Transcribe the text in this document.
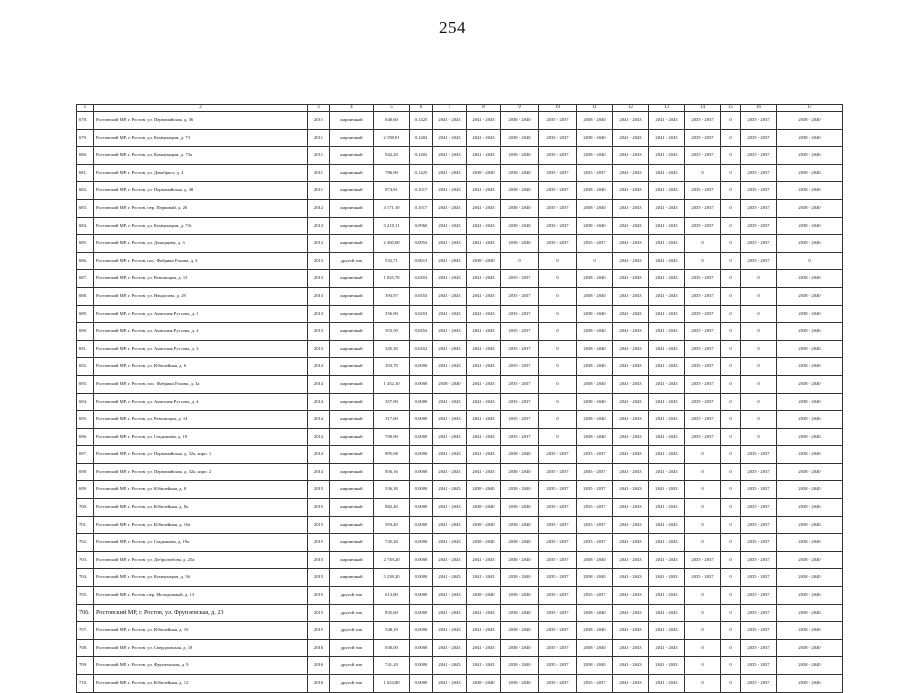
254
1	2	3	4	5	6	7	8	9	10	11	12	13	14	15	16	17
678.	Ростовский МР, г. Ростов, ул. Первомайская, д. 36	2011	кирпичный	640,60	0,1425	2041 - 2043	2041 - 2043	2038 - 2040	2035 - 2037	2038 - 2040	2041 - 2043	2041 - 2043	2035 - 2037	0	2035 - 2037	2038 - 2040
679.	Ростовский МР, г. Ростов, ул. Коммунаров, д. 73	2011	кирпичный	2 198,01	0,1402	2041 - 2043	2041 - 2043	2038 - 2040	2035 - 2037	2038 - 2040	2041 - 2043	2041 - 2043	2035 - 2037	0	2035 - 2037	2038 - 2040
680.	Ростовский МР, г. Ростов, ул. Коммунаров, д. 73а	2011	кирпичный	942,20	0,1402	2041 - 2043	2041 - 2043	2038 - 2040	2035 - 2037	2038 - 2040	2041 - 2043	2041 - 2043	2035 - 2037	0	2035 - 2037	2038 - 2040
681.	Ростовский МР, г. Ростов, ул. Декабрист, д. 4	2011	кирпичный	786,90	0,1425	2041 - 2043	2038 - 2040	2038 - 2040	2035 - 2037	2035 - 2037	2041 - 2043	2041 - 2043	0	0	2035 - 2037	2038 - 2040
682.	Ростовский МР, г. Ростов, ул. Первомайская, д. 48	2011	кирпичный	874,61	0,1017	2041 - 2043	2041 - 2043	2038 - 2040	2035 - 2037	2038 - 2040	2041 - 2043	2041 - 2043	2035 - 2037	0	2035 - 2037	2038 - 2040
683.	Ростовский МР, г. Ростов, пер. Первомай, д. 26	2012	кирпичный	4 171,10	0,1017	2041 - 2043	2041 - 2043	2038 - 2040	2035 - 2037	2038 - 2040	2041 - 2043	2041 - 2043	2035 - 2037	0	2035 - 2037	2038 - 2040
684.	Ростовский МР, г. Ростов, ул. Коммунаров, д. 73г	2012	кирпичный	5 210,11	0,0960	2041 - 2043	2041 - 2043	2038 - 2040	2035 - 2037	2038 - 2040	2041 - 2043	2041 - 2043	2035 - 2037	0	2035 - 2037	2038 - 2040
685.	Ростовский МР, г. Ростов, ул. Доморцева, д. 3	2012	кирпичный	2 360,00	0,0952	2041 - 2043	2041 - 2043	2038 - 2040	2035 - 2037	2035 - 2037	2041 - 2043	2041 - 2043	0	0	2035 - 2037	2038 - 2040
686.	Ростовский МР, г. Ростов, пос. Фабрики Рахова, д. 3	2013	другой тип	532,71	0,0613	2041 - 2043	2038 - 2040	0	0	0	2041 - 2043	2041 - 2043	0	0	2035 - 2037	0
687.	Ростовский МР, г. Ростов, ул. Революции, д. 13	2013	кирпичный	1 025,70	0,0453	2041 - 2043	2041 - 2043	2035 - 2037	0	2038 - 2040	2041 - 2043	2041 - 2043	2035 - 2037	0	0	2038 - 2040
688.	Ростовский МР, г. Ростов, ул. Некрасова, д. 29	2013	кирпичный	393,97	0,0453	2041 - 2043	2041 - 2043	2035 - 2037	0	2038 - 2040	2041 - 2043	2041 - 2043	2035 - 2037	0	0	2038 - 2040
689.	Ростовский МР, г. Ростов, ул. Анатолия Руссова, д. 1	2013	кирпичный	356,90	0,0453	2041 - 2043	2041 - 2043	2035 - 2037	0	2038 - 2040	2041 - 2043	2041 - 2043	2035 - 2037	0	0	2038 - 2040
690.	Ростовский МР, г. Ростов, ул. Анатолия Руссова, д. 2	2013	кирпичный	353,50	0,0452	2041 - 2043	2041 - 2043	2035 - 2037	0	2038 - 2040	2041 - 2043	2041 - 2043	2035 - 2037	0	0	2038 - 2040
691.	Ростовский МР, г. Ростов, ул. Анатолия Руссова, д. 3	2013	кирпичный	345,30	0,0452	2041 - 2043	2041 - 2043	2035 - 2037	0	2038 - 2040	2041 - 2043	2041 - 2043	2035 - 2037	0	0	2038 - 2040
692.	Ростовский МР, г. Ростов, ул. Юбилейная, д. 6	2014	кирпичный	393,70	0,0000	2041 - 2043	2041 - 2043	2035 - 2037	0	2038 - 2040	2041 - 2043	2041 - 2043	2035 - 2037	0	0	2038 - 2040
693.	Ростовский МР, г. Ростов, пос. Фабрики Рахова, д. 3а	2014	кирпичный	1 432,10	0,0000	2038 - 2040	2041 - 2043	2035 - 2037	0	2038 - 2040	2041 - 2043	2041 - 2043	2035 - 2037	0	0	2038 - 2040
694.	Ростовский МР, г. Ростов, ул. Анатолия Руссова, д. 4	2014	кирпичный	357,90	0,0000	2041 - 2043	2041 - 2043	2035 - 2037	0	2038 - 2040	2041 - 2043	2041 - 2043	2035 - 2037	0	0	2038 - 2040
695.	Ростовский МР, г. Ростов, ул. Революции, д. 14	2014	кирпичный	317,60	0,0000	2041 - 2043	2041 - 2043	2035 - 2037	0	2038 - 2040	2041 - 2043	2041 - 2043	2035 - 2037	0	0	2038 - 2040
696.	Ростовский МР, г. Ростов, ул. Гладышева, д. 19	2014	кирпичный	700,90	0,0000	2041 - 2043	2041 - 2043	2035 - 2037	0	2038 - 2040	2041 - 2043	2041 - 2043	2035 - 2037	0	0	2038 - 2040
697.	Ростовский МР, г. Ростов, ул. Первомайская, д. 32а, корп. 1	2014	кирпичный	895,68	0,0000	2041 - 2043	2041 - 2043	2038 - 2040	2035 - 2037	2035 - 2037	2041 - 2043	2041 - 2043	0	0	2035 - 2037	2038 - 2040
698.	Ростовский МР, г. Ростов, ул. Первомайская, д. 32а, корп. 2	2014	кирпичный	856,16	0,0000	2041 - 2043	2041 - 2043	2038 - 2040	2035 - 2037	2035 - 2037	2041 - 2043	2041 - 2043	0	0	2035 - 2037	2038 - 2040
699.	Ростовский МР, г. Ростов, ул. Юбилейная, д. 8	2015	кирпичный	336,30	0,0000	2041 - 2043	2038 - 2040	2038 - 2040	2035 - 2037	2035 - 2037	2041 - 2043	2041 - 2043	0	0	2035 - 2037	2038 - 2040
700.	Ростовский МР, г. Ростов, ул. Юбилейная, д. 8а	2015	кирпичный	882,40	0,0000	2041 - 2043	2038 - 2040	2038 - 2040	2035 - 2037	2035 - 2037	2041 - 2043	2041 - 2043	0	0	2035 - 2037	2038 - 2040
701.	Ростовский МР, г. Ростов, ул. Юбилейная, д. 10а	2015	кирпичный	593,40	0,0000	2041 - 2043	2038 - 2040	2038 - 2040	2035 - 2037	2035 - 2037	2041 - 2043	2041 - 2043	0	0	2035 - 2037	2038 - 2040
702.	Ростовский МР, г. Ростов, ул. Гладышева, д. 19а	2015	кирпичный	745,20	0,0000	2041 - 2043	2038 - 2040	2038 - 2040	2035 - 2037	2035 - 2037	2041 - 2043	2041 - 2043	0	0	2035 - 2037	2038 - 2040
703.	Ростовский МР, г. Ростов, ул. Добролюбова, д. 25а	2015	кирпичный	2 749,20	0,0000	2041 - 2043	2041 - 2043	2038 - 2040	2035 - 2037	2038 - 2040	2041 - 2043	2041 - 2043	2035 - 2037	0	2035 - 2037	2038 - 2040
704.	Ростовский МР, г. Ростов, ул. Коммунаров, д. 56	2015	кирпичный	5 238,20	0,0000	2041 - 2043	2041 - 2043	2038 - 2040	2035 - 2037	2038 - 2040	2041 - 2043	2041 - 2043	2035 - 2037	0	2035 - 2037	2038 - 2040
705.	Ростовский МР, г. Ростов, пер. Молодежный, д. 13	2015	другой тип	613,80	0,0000	2041 - 2043	2038 - 2040	2038 - 2040	2035 - 2037	2035 - 2037	2041 - 2043	2041 - 2043	0	0	2035 - 2037	2038 - 2040
706.	Ростовский МР, г. Ростов, ул. Фрунзенская, д. 23	2015	другой тип	835,60	0,0000	2041 - 2043	2041 - 2043	2038 - 2040	2035 - 2037	2038 - 2040	2041 - 2043	2041 - 2043	0	0	2035 - 2037	2038 - 2040
707.	Ростовский МР, г. Ростов, ул. Юбилейная, д. 10	2015	другой тип	548,10	0,0000	2041 - 2043	2041 - 2043	2038 - 2040	2035 - 2037	2038 - 2040	2041 - 2043	2041 - 2043	0	0	2035 - 2037	2038 - 2040
708.	Ростовский МР, г. Ростов, ул. Свердловская, д. 18	2016	другой тип	630,00	0,0000	2041 - 2043	2041 - 2043	2038 - 2040	2035 - 2037	2038 - 2040	2041 - 2043	2041 - 2043	0	0	2035 - 2037	2038 - 2040
709.	Ростовский МР, г. Ростов, ул. Фрунзенская, д. 9	2016	другой тип	741,20	0,0000	2041 - 2043	2041 - 2043	2038 - 2040	2035 - 2037	2038 - 2040	2041 - 2043	2041 - 2043	0	0	2035 - 2037	2038 - 2040
710.	Ростовский МР, г. Ростов, ул. Юбилейная, д. 12	2016	другой тип	1 024,80	0,0000	2041 - 2043	2038 - 2040	2038 - 2040	2035 - 2037	2035 - 2037	2041 - 2043	2041 - 2043	0	0	2035 - 2037	2038 - 2040
